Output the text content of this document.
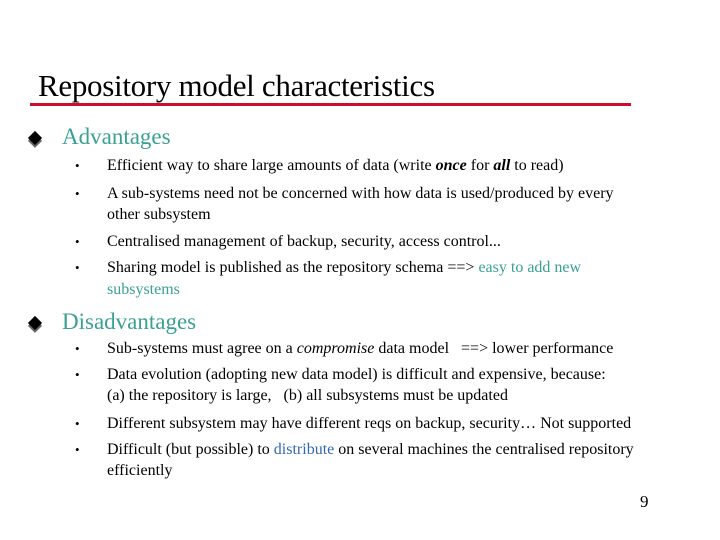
Repository model characteristics
Advantages
• Efficient way to share large amounts of data (write once for all to read)
• A sub-systems need not be concerned with how data is used/produced by every
other subsystem
• Centralised management of backup, security, access control...
• Sharing model is published as the repository schema ==> easy to add new
subsystems
Disadvantages
• Sub-systems must agree on a compromise data model   ==> lower performance
• Data evolution (adopting new data model) is difficult and expensive, because:
(a) the repository is large,   (b) all subsystems must be updated
• Different subsystem may have different reqs on backup, security… Not supported
• Difficult (but possible) to distribute on several machines the centralised repository
efficiently
9
